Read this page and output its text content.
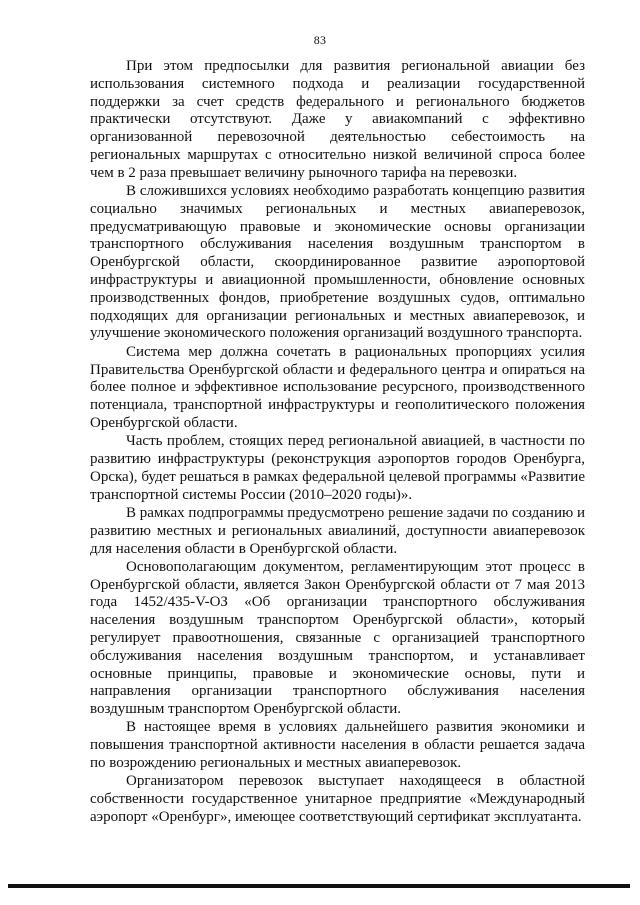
83

При этом предпосылки для развития региональной авиации без использования системного подхода и реализации государственной поддержки за счет средств федерального и регионального бюджетов практически отсутствуют. Даже у авиакомпаний с эффективно организованной перевозочной деятельностью себестоимость на региональных маршрутах с относительно низкой величиной спроса более чем в 2 раза превышает величину рыночного тарифа на перевозки.

В сложившихся условиях необходимо разработать концепцию развития социально значимых региональных и местных авиаперевозок, предусматривающую правовые и экономические основы организации транспортного обслуживания населения воздушным транспортом в Оренбургской области, скоординированное развитие аэропортовой инфраструктуры и авиационной промышленности, обновление основных производственных фондов, приобретение воздушных судов, оптимально подходящих для организации региональных и местных авиаперевозок, и улучшение экономического положения организаций воздушного транспорта.

Система мер должна сочетать в рациональных пропорциях усилия Правительства Оренбургской области и федерального центра и опираться на более полное и эффективное использование ресурсного, производственного потенциала, транспортной инфраструктуры и геополитического положения Оренбургской области.

Часть проблем, стоящих перед региональной авиацией, в частности по развитию инфраструктуры (реконструкция аэропортов городов Оренбурга, Орска), будет решаться в рамках федеральной целевой программы «Развитие транспортной системы России (2010–2020 годы)».

В рамках подпрограммы предусмотрено решение задачи по созданию и развитию местных и региональных авиалиний, доступности авиаперевозок для населения области в Оренбургской области.

Основополагающим документом, регламентирующим этот процесс в Оренбургской области, является Закон Оренбургской области от 7 мая 2013 года 1452/435-V-ОЗ «Об организации транспортного обслуживания населения воздушным транспортом Оренбургской области», который регулирует правоотношения, связанные с организацией транспортного обслуживания населения воздушным транспортом, и устанавливает основные принципы, правовые и экономические основы, пути и направления организации транспортного обслуживания населения воздушным транспортом Оренбургской области.

В настоящее время в условиях дальнейшего развития экономики и повышения транспортной активности населения в области решается задача по возрождению региональных и местных авиаперевозок.

Организатором перевозок выступает находящееся в областной собственности государственное унитарное предприятие «Международный аэропорт «Оренбург», имеющее соответствующий сертификат эксплуатанта.
